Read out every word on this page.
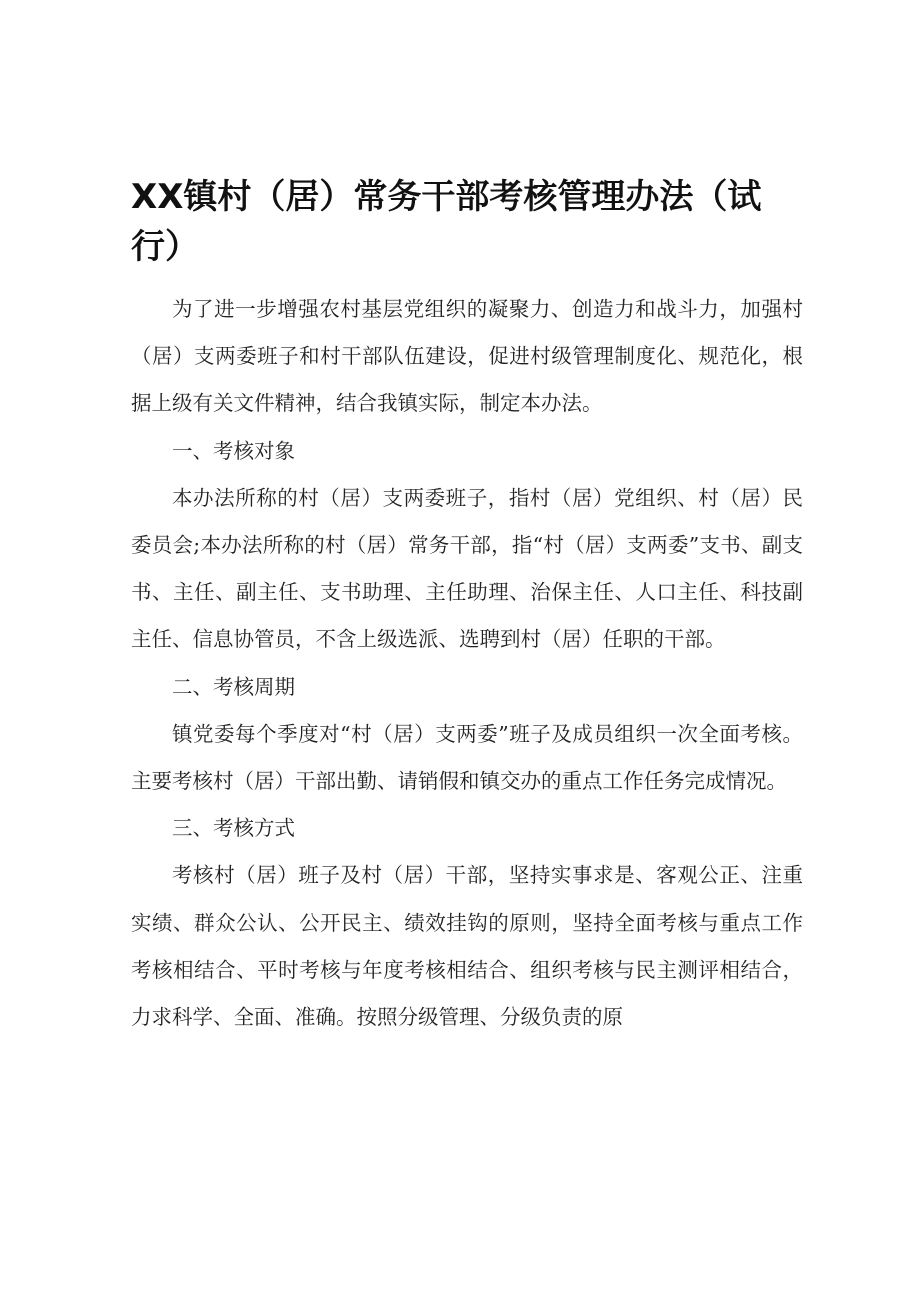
XX镇村（居）常务干部考核管理办法（试行）

为了进一步增强农村基层党组织的凝聚力、创造力和战斗力，加强村（居）支两委班子和村干部队伍建设，促进村级管理制度化、规范化，根据上级有关文件精神，结合我镇实际，制定本办法。

一、考核对象

本办法所称的村（居）支两委班子，指村（居）党组织、村（居）民委员会;本办法所称的村（居）常务干部，指“村（居）支两委”支书、副支书、主任、副主任、支书助理、主任助理、治保主任、人口主任、科技副主任、信息协管员，不含上级选派、选聘到村（居）任职的干部。

二、考核周期

镇党委每个季度对“村（居）支两委”班子及成员组织一次全面考核。主要考核村（居）干部出勤、请销假和镇交办的重点工作任务完成情况。

三、考核方式

考核村（居）班子及村（居）干部，坚持实事求是、客观公正、注重实绩、群众公认、公开民主、绩效挂钩的原则，坚持全面考核与重点工作考核相结合、平时考核与年度考核相结合、组织考核与民主测评相结合，力求科学、全面、准确。按照分级管理、分级负责的原
